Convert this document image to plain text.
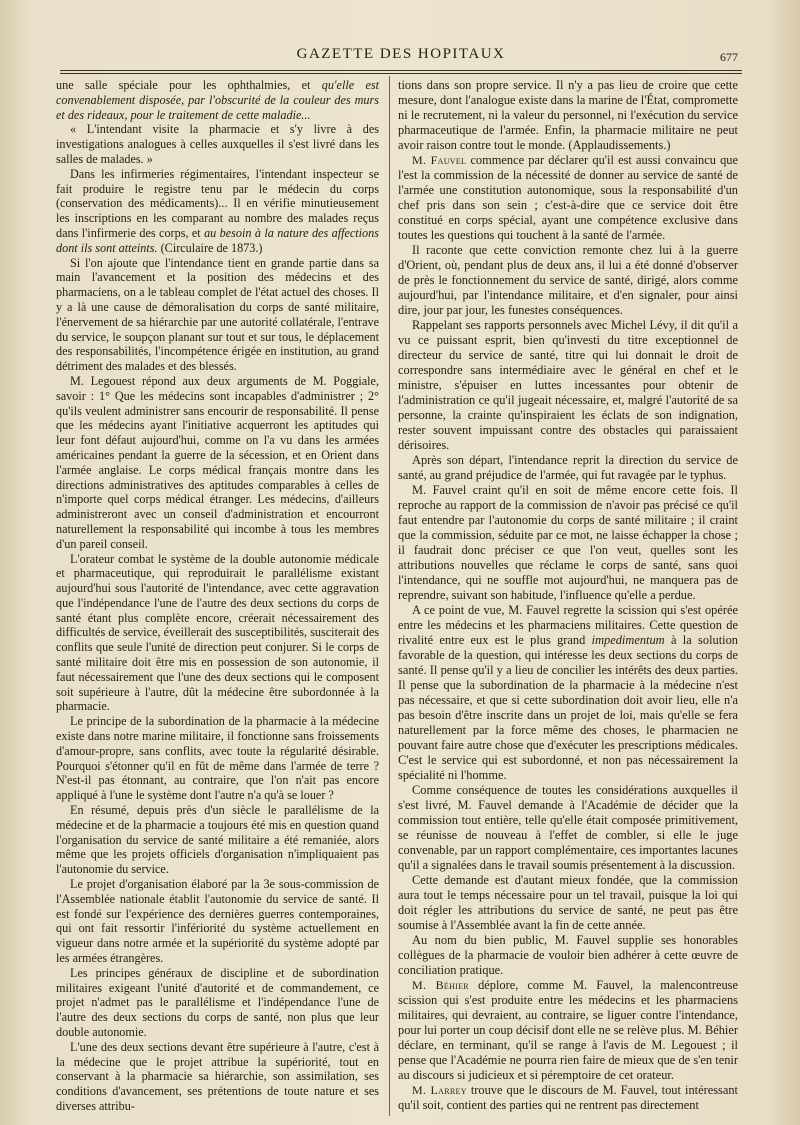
GAZETTE DES HOPITAUX	677

une salle spéciale pour les ophthalmies, et qu'elle est convenablement disposée, par l'obscurité de la couleur des murs et des rideaux, pour le traitement de cette maladie...

« L'intendant visite la pharmacie et s'y livre à des investigations analogues à celles auxquelles il s'est livré dans les salles de malades. »

Dans les infirmeries régimentaires, l'intendant inspecteur se fait produire le registre tenu par le médecin du corps (conservation des médicaments)... Il en vérifie minutieusement les inscriptions en les comparant au nombre des malades reçus dans l'infirmerie des corps, et au besoin à la nature des affections dont ils sont atteints. (Circulaire de 1873.)

Si l'on ajoute que l'intendance tient en grande partie dans sa main l'avancement et la position des médecins et des pharmaciens, on a le tableau complet de l'état actuel des choses. Il y a là une cause de démoralisation du corps de santé militaire, l'énervement de sa hiérarchie par une autorité collatérale, l'entrave du service, le soupçon planant sur tout et sur tous, le déplacement des responsabilités, l'incompétence érigée en institution, au grand détriment des malades et des blessés.

M. Legouest répond aux deux arguments de M. Poggiale, savoir : 1° Que les médecins sont incapables d'administrer ; 2° qu'ils veulent administrer sans encourir de responsabilité. Il pense que les médecins ayant l'initiative acquerront les aptitudes qui leur font défaut aujourd'hui, comme on l'a vu dans les armées américaines pendant la guerre de la sécession, et en Orient dans l'armée anglaise. Le corps médical français montre dans les directions administratives des aptitudes comparables à celles de n'importe quel corps médical étranger. Les médecins, d'ailleurs administreront avec un conseil d'administration et encourront naturellement la responsabilité qui incombe à tous les membres d'un pareil conseil.

L'orateur combat le système de la double autonomie médicale et pharmaceutique, qui reproduirait le parallélisme existant aujourd'hui sous l'autorité de l'intendance, avec cette aggravation que l'indépendance l'une de l'autre des deux sections du corps de santé étant plus complète encore, créerait nécessairement des difficultés de service, éveillerait des susceptibilités, susciterait des conflits que seule l'unité de direction peut conjurer. Si le corps de santé militaire doit être mis en possession de son autonomie, il faut nécessairement que l'une des deux sections qui le composent soit supérieure à l'autre, dût la médecine être subordonnée à la pharmacie.

Le principe de la subordination de la pharmacie à la médecine existe dans notre marine militaire, il fonctionne sans froissements d'amour-propre, sans conflits, avec toute la régularité désirable. Pourquoi s'étonner qu'il en fût de même dans l'armée de terre ? N'est-il pas étonnant, au contraire, que l'on n'ait pas encore appliqué à l'une le système dont l'autre n'a qu'à se louer ?

En résumé, depuis près d'un siècle le parallélisme de la médecine et de la pharmacie a toujours été mis en question quand l'organisation du service de santé militaire a été remaniée, alors même que les projets officiels d'organisation n'impliquaient pas l'autonomie du service.

Le projet d'organisation élaboré par la 3e sous-commission de l'Assemblée nationale établit l'autonomie du service de santé. Il est fondé sur l'expérience des dernières guerres contemporaines, qui ont fait ressortir l'infériorité du système actuellement en vigueur dans notre armée et la supériorité du système adopté par les armées étrangères.

Les principes généraux de discipline et de subordination militaires exigeant l'unité d'autorité et de commandement, ce projet n'admet pas le parallélisme et l'indépendance l'une de l'autre des deux sections du corps de santé, non plus que leur double autonomie.

L'une des deux sections devant être supérieure à l'autre, c'est à la médecine que le projet attribue la supériorité, tout en conservant à la pharmacie sa hiérarchie, son assimilation, ses conditions d'avancement, ses prétentions de toute nature et ses diverses attribu-

tions dans son propre service. Il n'y a pas lieu de croire que cette mesure, dont l'analogue existe dans la marine de l'État, compromette ni le recrutement, ni la valeur du personnel, ni l'exécution du service pharmaceutique de l'armée. Enfin, la pharmacie militaire ne peut avoir raison contre tout le monde. (Applaudissements.)

M. Fauvel commence par déclarer qu'il est aussi convaincu que l'est la commission de la nécessité de donner au service de santé de l'armée une constitution autonomique, sous la responsabilité d'un chef pris dans son sein ; c'est-à-dire que ce service doit être constitué en corps spécial, ayant une compétence exclusive dans toutes les questions qui touchent à la santé de l'armée.

Il raconte que cette conviction remonte chez lui à la guerre d'Orient, où, pendant plus de deux ans, il lui a été donné d'observer de près le fonctionnement du service de santé, dirigé, alors comme aujourd'hui, par l'intendance militaire, et d'en signaler, pour ainsi dire, jour par jour, les funestes conséquences.

Rappelant ses rapports personnels avec Michel Lévy, il dit qu'il a vu ce puissant esprit, bien qu'investi du titre exceptionnel de directeur du service de santé, titre qui lui donnait le droit de correspondre sans intermédiaire avec le général en chef et le ministre, s'épuiser en luttes incessantes pour obtenir de l'administration ce qu'il jugeait nécessaire, et, malgré l'autorité de sa personne, la crainte qu'inspiraient les éclats de son indignation, rester souvent impuissant contre des obstacles qui paraissaient dérisoires.

Après son départ, l'intendance reprit la direction du service de santé, au grand préjudice de l'armée, qui fut ravagée par le typhus.

M. Fauvel craint qu'il en soit de même encore cette fois. Il reproche au rapport de la commission de n'avoir pas précisé ce qu'il faut entendre par l'autonomie du corps de santé militaire ; il craint que la commission, séduite par ce mot, ne laisse échapper la chose ; il faudrait donc préciser ce que l'on veut, quelles sont les attributions nouvelles que réclame le corps de santé, sans quoi l'intendance, qui ne souffle mot aujourd'hui, ne manquera pas de reprendre, suivant son habitude, l'influence qu'elle a perdue.

A ce point de vue, M. Fauvel regrette la scission qui s'est opérée entre les médecins et les pharmaciens militaires. Cette question de rivalité entre eux est le plus grand impedimentum à la solution favorable de la question, qui intéresse les deux sections du corps de santé. Il pense qu'il y a lieu de concilier les intérêts des deux parties. Il pense que la subordination de la pharmacie à la médecine n'est pas nécessaire, et que si cette subordination doit avoir lieu, elle n'a pas besoin d'être inscrite dans un projet de loi, mais qu'elle se fera naturellement par la force même des choses, le pharmacien ne pouvant faire autre chose que d'exécuter les prescriptions médicales. C'est le service qui est subordonné, et non pas nécessairement la spécialité ni l'homme.

Comme conséquence de toutes les considérations auxquelles il s'est livré, M. Fauvel demande à l'Académie de décider que la commission tout entière, telle qu'elle était composée primitivement, se réunisse de nouveau à l'effet de combler, si elle le juge convenable, par un rapport complémentaire, ces importantes lacunes qu'il a signalées dans le travail soumis présentement à la discussion.

Cette demande est d'autant mieux fondée, que la commission aura tout le temps nécessaire pour un tel travail, puisque la loi qui doit régler les attributions du service de santé, ne peut pas être soumise à l'Assemblée avant la fin de cette année.

Au nom du bien public, M. Fauvel supplie ses honorables collègues de la pharmacie de vouloir bien adhérer à cette œuvre de conciliation pratique.

M. Béhier déplore, comme M. Fauvel, la malencontreuse scission qui s'est produite entre les médecins et les pharmaciens militaires, qui devraient, au contraire, se liguer contre l'intendance, pour lui porter un coup décisif dont elle ne se relève plus. M. Béhier déclare, en terminant, qu'il se range à l'avis de M. Legouest ; il pense que l'Académie ne pourra rien faire de mieux que de s'en tenir au discours si judicieux et si péremptoire de cet orateur.

M. Larrey trouve que le discours de M. Fauvel, tout intéressant qu'il soit, contient des parties qui ne rentrent pas directement
